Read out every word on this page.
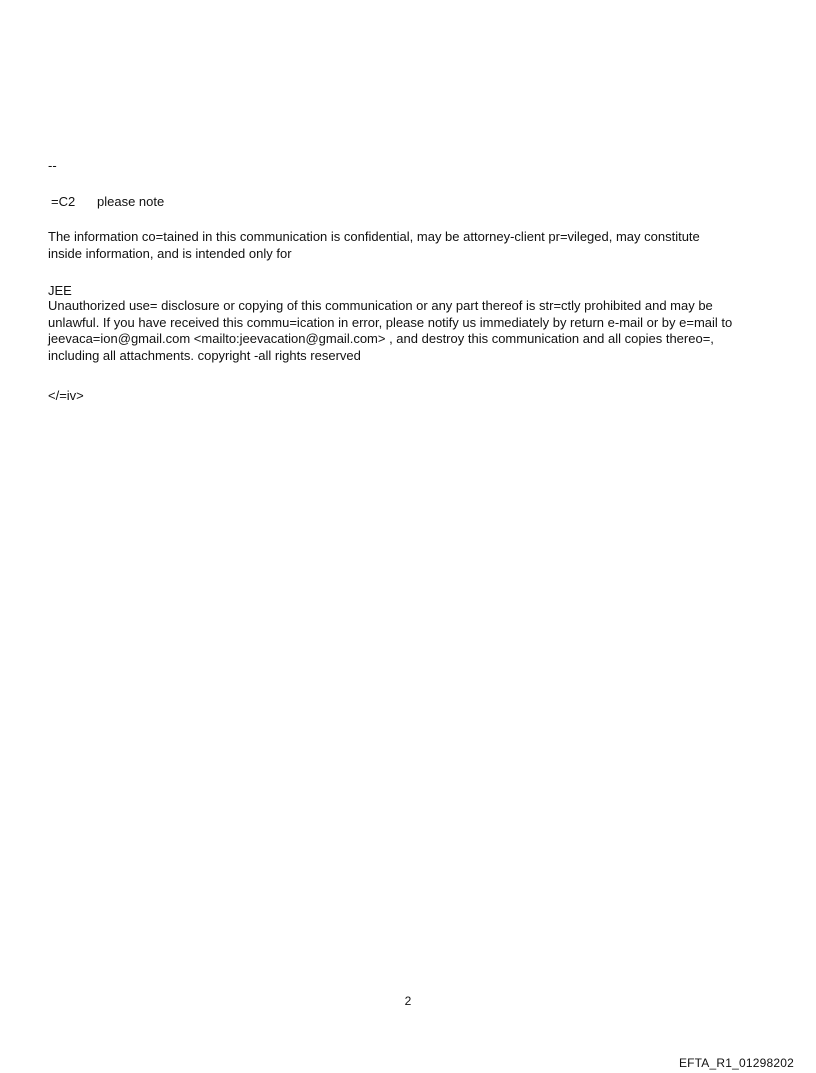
--
=C2 please note

The information co=tained in this communication is confidential, may be attorney-client pr=vileged, may constitute

inside information, and is intended only for

JEE

Unauthorized use= disclosure or copying of this communication or any part thereof is str=ctly prohibited and may be

unlawful. If you have received this commu=ication in error, please notify us immediately by return e-mail or by e=mail to

jeevaca=ion@gmail.com <mailto:jeevacation@gmail.com> , and destroy this communication and all copies thereo=,

including all attachments. copyright -all rights reserved

</=iv>
2
EFTA_R1_01298202
